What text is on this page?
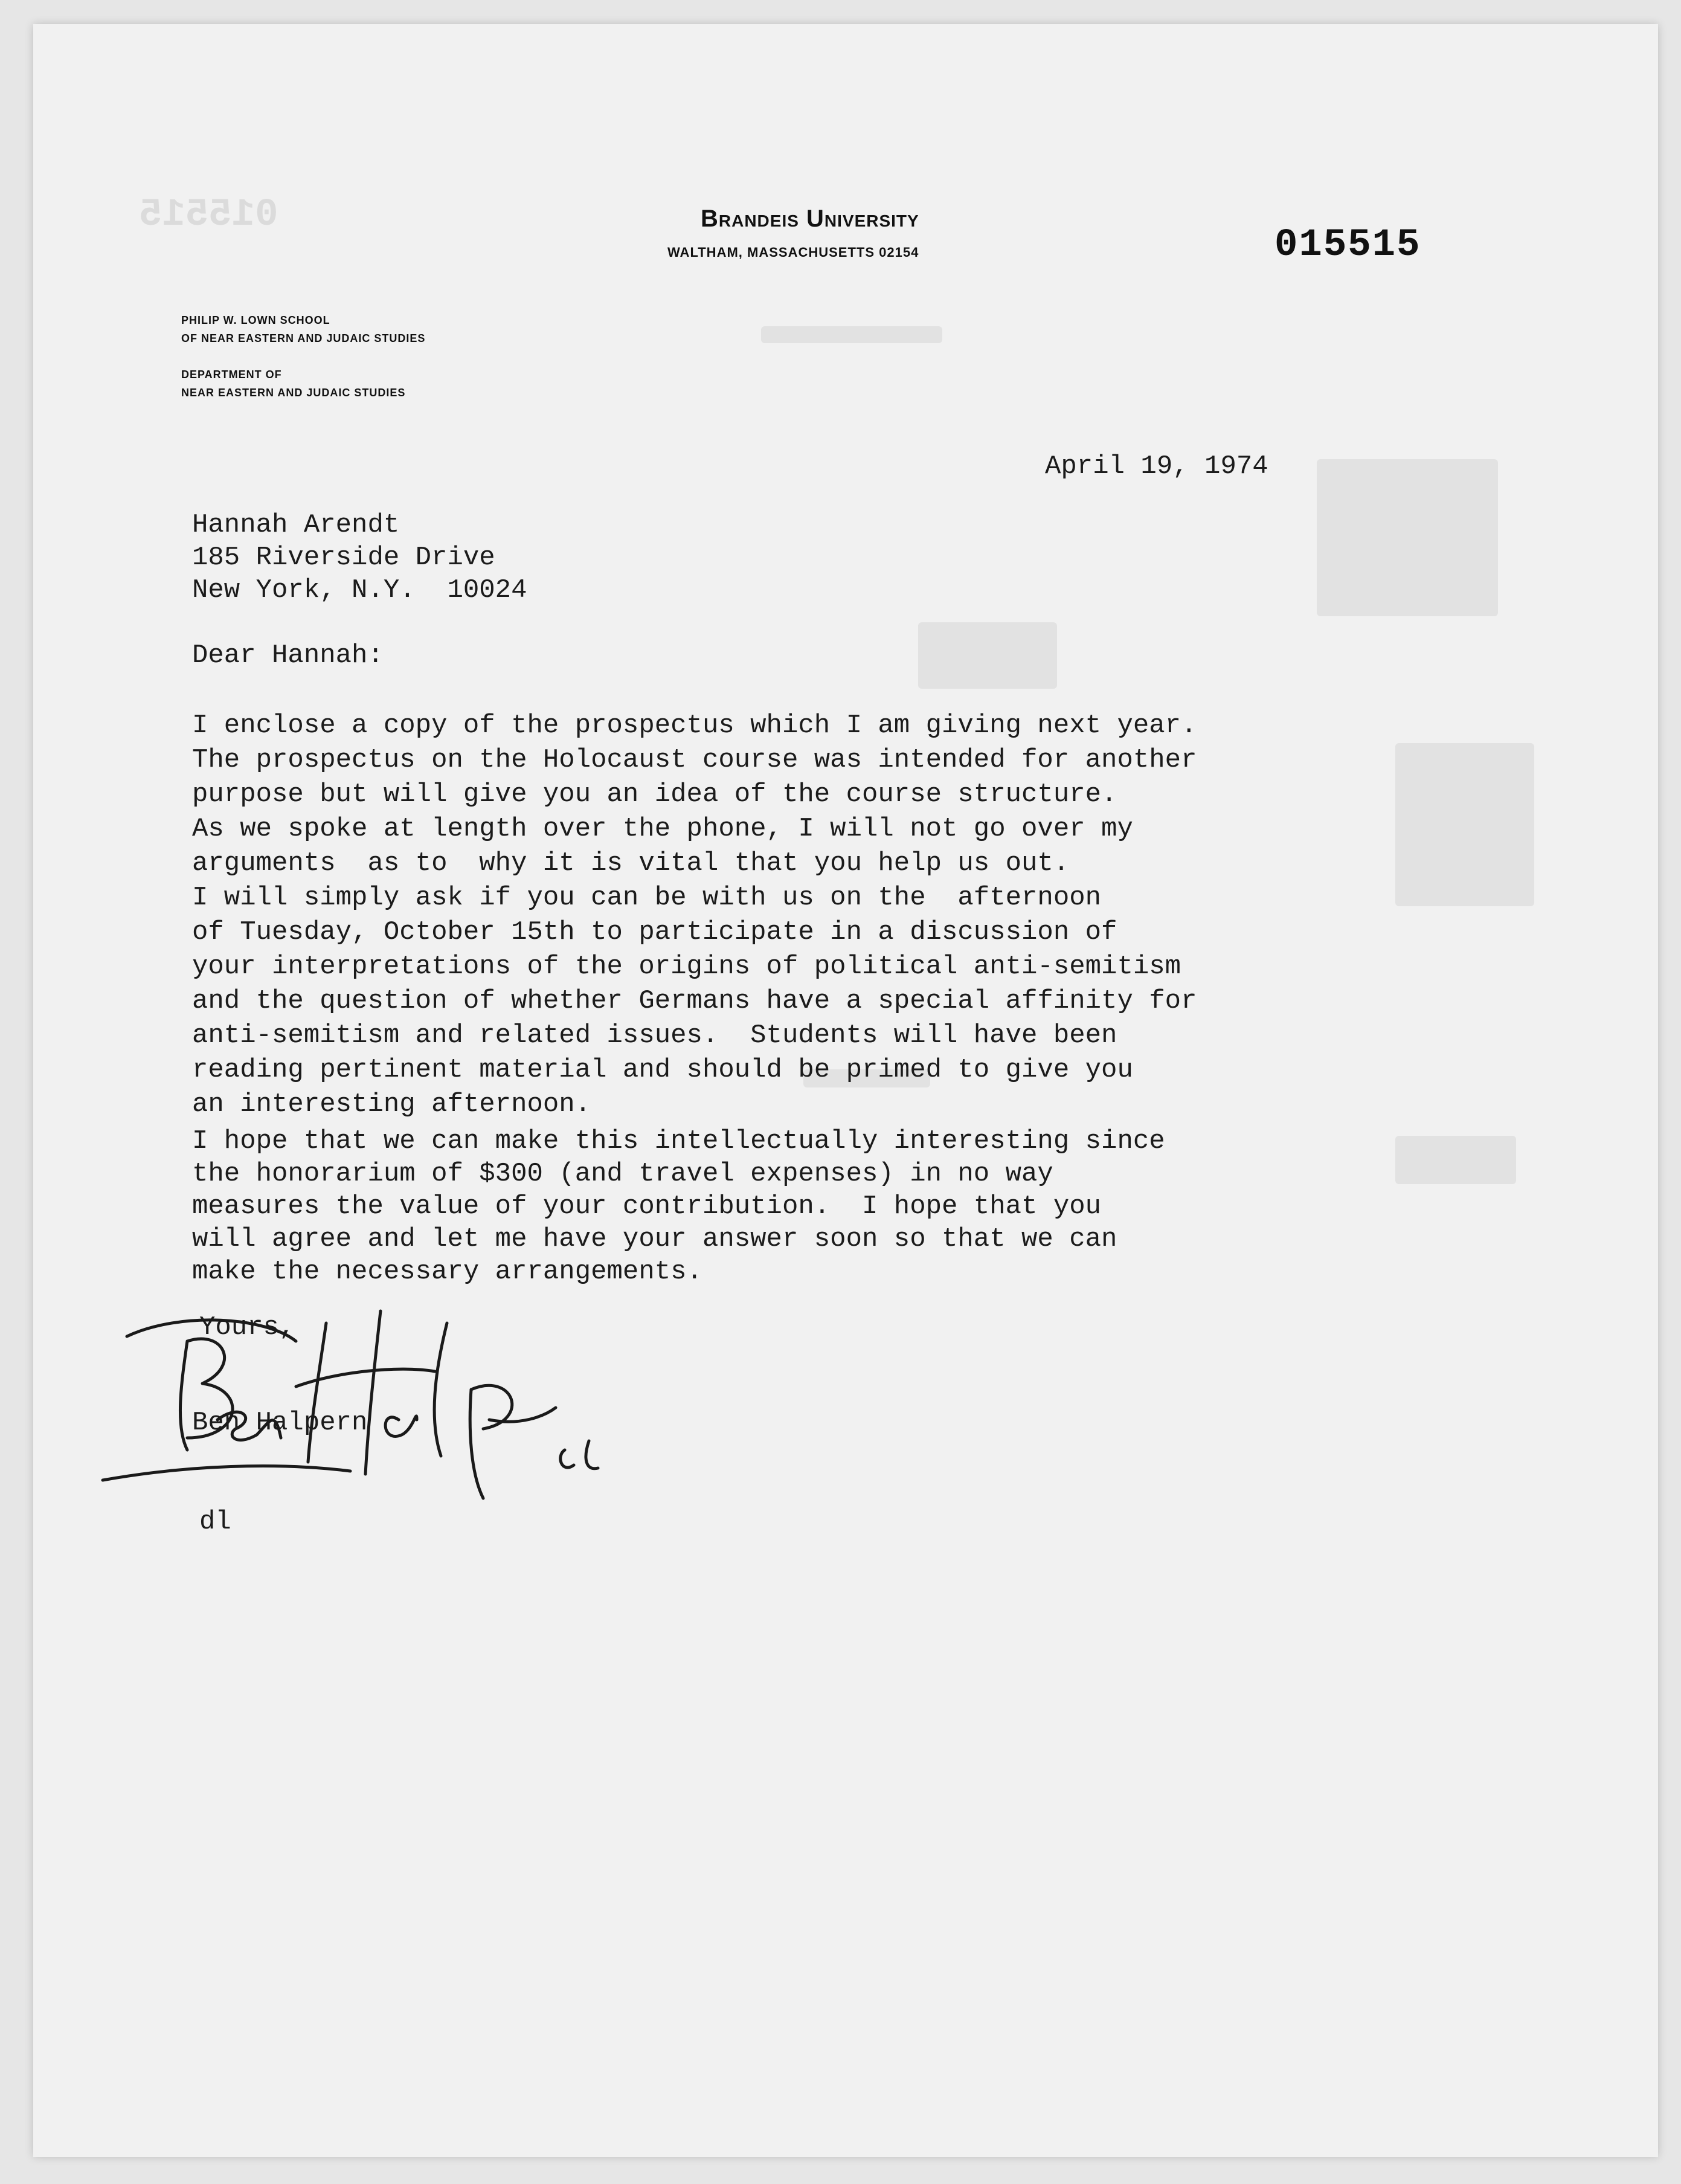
015515	Brandeis University
WALTHAM, MASSACHUSETTS 02154
PHILIP W. LOWN SCHOOL
OF NEAR EASTERN AND JUDAIC STUDIES
DEPARTMENT OF
NEAR EASTERN AND JUDAIC STUDIES
015515
April 19, 1974
Hannah Arendt
185 Riverside Drive
New York, N.Y.  10024
Dear Hannah:
I enclose a copy of the prospectus which I am giving next year.
The prospectus on the Holocaust course was intended for another
purpose but will give you an idea of the course structure.
As we spoke at length over the phone, I will not go over my
arguments  as to  why it is vital that you help us out.
I will simply ask if you can be with us on the  afternoon
of Tuesday, October 15th to participate in a discussion of
your interpretations of the origins of political anti-semitism
and the question of whether Germans have a special affinity for
anti-semitism and related issues.  Students will have been
reading pertinent material and should be primed to give you
an interesting afternoon.
I hope that we can make this intellectually interesting since
the honorarium of $300 (and travel expenses) in no way
measures the value of your contribution.  I hope that you
will agree and let me have your answer soon so that we can
make the necessary arrangements.
Yours,
Ben Halpern
dl
